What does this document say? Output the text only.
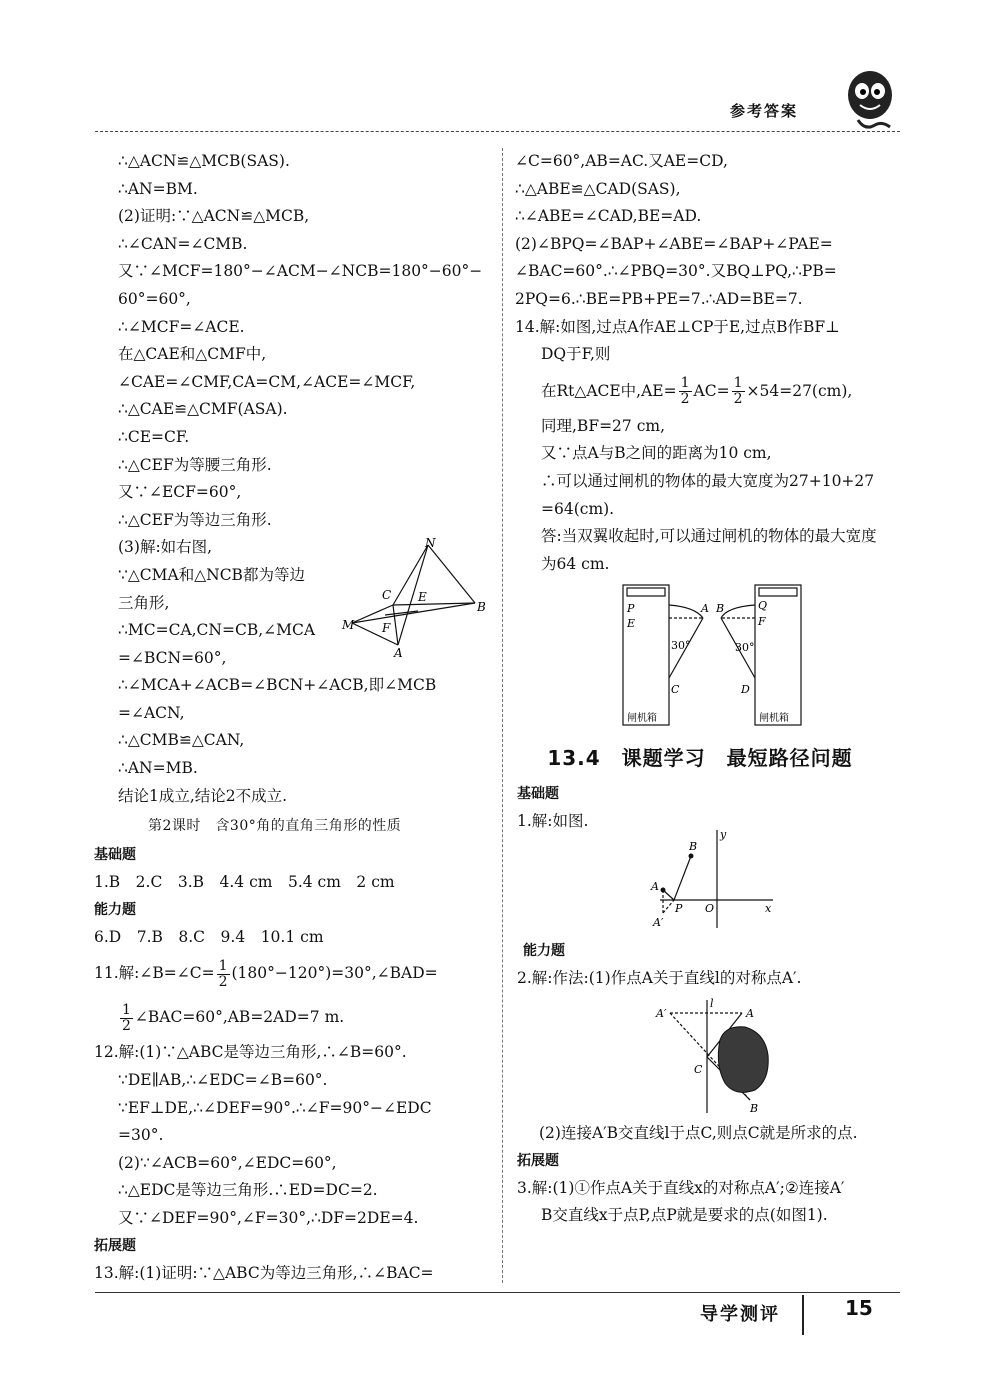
参考答案
∴△ACN≌△MCB(SAS).
∴AN=BM.
(2)证明:∵△ACN≌△MCB,
∴∠CAN=∠CMB.
又∵∠MCF=180°−∠ACM−∠NCB=180°−60°−
60°=60°,
∴∠MCF=∠ACE.
在△CAE和△CMF中,
∠CAE=∠CMF,CA=CM,∠ACE=∠MCF,
∴△CAE≌△CMF(ASA).
∴CE=CF.
∴△CEF为等腰三角形.
又∵∠ECF=60°,
∴△CEF为等边三角形.
(3)解:如右图,
∵△CMA和△NCB都为等边
三角形,
∴MC=CA,CN=CB,∠MCA
=∠BCN=60°,
∴∠MCA+∠ACB=∠BCN+∠ACB,即∠MCB
=∠ACN,
∴△CMB≌△CAN,
∴AN=MB.
结论1成立,结论2不成立.
第2课时　含30°角的直角三角形的性质
基础题
1.B　2.C　3.B　4.4 cm　5.4 cm　2 cm
能力题
6.D　7.B　8.C　9.4　10.1 cm
11.解:∠B=∠C= $\frac{1}{2}$ (180°−120°)=30°,∠BAD=
$\frac{1}{2}$ ∠BAC=60°,AB=2AD=7 m.
12.解:(1)∵△ABC是等边三角形,∴∠B=60°.
∵DE∥AB,∴∠EDC=∠B=60°.
∵EF⊥DE,∴∠DEF=90°.∴∠F=90°−∠EDC
=30°.
(2)∵∠ACB=60°,∠EDC=60°,
∴△EDC是等边三角形.∴ED=DC=2.
又∵∠DEF=90°,∠F=30°,∴DF=2DE=4.
拓展题
13.解:(1)证明:∵△ABC为等边三角形,∴∠BAC=
N
C E
B
M F
A
∠C=60°,AB=AC.又AE=CD,
∴△ABE≌△CAD(SAS),
∴∠ABE=∠CAD,BE=AD.
(2)∠BPQ=∠BAP+∠ABE=∠BAP+∠PAE=
∠BAC=60°.∴∠PBQ=30°.又BQ⊥PQ,∴PB=
2PQ=6.∴BE=PB+PE=7.∴AD=BE=7.
14.解:如图,过点A作AE⊥CP于E,过点B作BF⊥
DQ于F,则
在Rt△ACE中$,AE= \frac{1}{2} AC= \frac{1}{2} \times 54=27(cm)$,
同理,BF=27 cm,
又∵点A与B之间的距离为10 cm,
∴可以通过闸机的物体的最大宽度为27+10+27
=64(cm).
答:当双翼收起时,可以通过闸机的物体的最大宽度
为64 cm.
P	A
E
30°
C
B	Q
F
30°
D
闸机箱	闸机箱
13.4　课题学习　最短路径问题
基础题
1.解:如图.
y
x
O
A
B
P
A′
能力题
2.解:作法:(1)作点A关于直线l的对称点A′.
A′
l
A
C
B
(2)连接A′B交直线l于点C,则点C就是所求的点.
拓展题
3.解:(1)①作点A关于直线x的对称点A′;②连接A′
B交直线x于点P,点P就是要求的点(如图1).
导学测评	15
